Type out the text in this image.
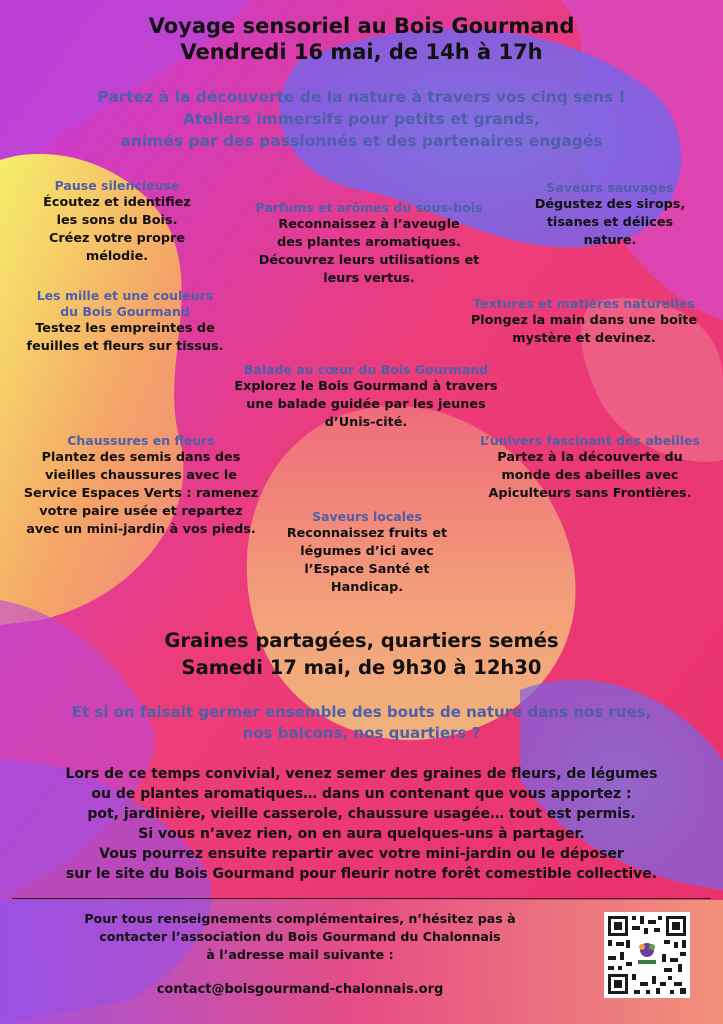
Voyage sensoriel au Bois Gourmand
Vendredi 16 mai, de 14h à 17h
Partez à la découverte de la nature à travers vos cinq sens !
Ateliers immersifs pour petits et grands,
animés par des passionnés et des partenaires engagés
Pause silencieuse
Écoutez et identifiez
les sons du Bois.
Créez votre propre
mélodie.
Parfums et arômes du sous-bois
Reconnaissez à l’aveugle
des plantes aromatiques.
Découvrez leurs utilisations et
leurs vertus.
Saveurs sauvages
Dégustez des sirops,
tisanes et délices
nature.
Les mille et une couleurs
du Bois Gourmand
Testez les empreintes de
feuilles et fleurs sur tissus.
Textures et matières naturelles
Plongez la main dans une boîte
mystère et devinez.
Balade au cœur du Bois Gourmand
Explorez le Bois Gourmand à travers
une balade guidée par les jeunes
d’Unis-cité.
Chaussures en fleurs
Plantez des semis dans des
vieilles chaussures avec le
Service Espaces Verts : ramenez
votre paire usée et repartez
avec un mini-jardin à vos pieds.
L’univers fascinant des abeilles
Partez à la découverte du
monde des abeilles avec
Apiculteurs sans Frontières.
Saveurs locales
Reconnaissez fruits et
légumes d’ici avec
l’Espace Santé et
Handicap.
Graines partagées, quartiers semés
Samedi 17 mai, de 9h30 à 12h30
Et si on faisait germer ensemble des bouts de nature dans nos rues,
nos balcons, nos quartiers ?
Lors de ce temps convivial, venez semer des graines de fleurs, de légumes
ou de plantes aromatiques… dans un contenant que vous apportez :
pot, jardinière, vieille casserole, chaussure usagée… tout est permis.
Si vous n’avez rien, on en aura quelques-uns à partager.
Vous pourrez ensuite repartir avec votre mini-jardin ou le déposer
sur le site du Bois Gourmand pour fleurir notre forêt comestible collective.
Pour tous renseignements complémentaires, n’hésitez pas à
contacter l’association du Bois Gourmand du Chalonnais
à l’adresse mail suivante :
contact@boisgourmand-chalonnais.org
